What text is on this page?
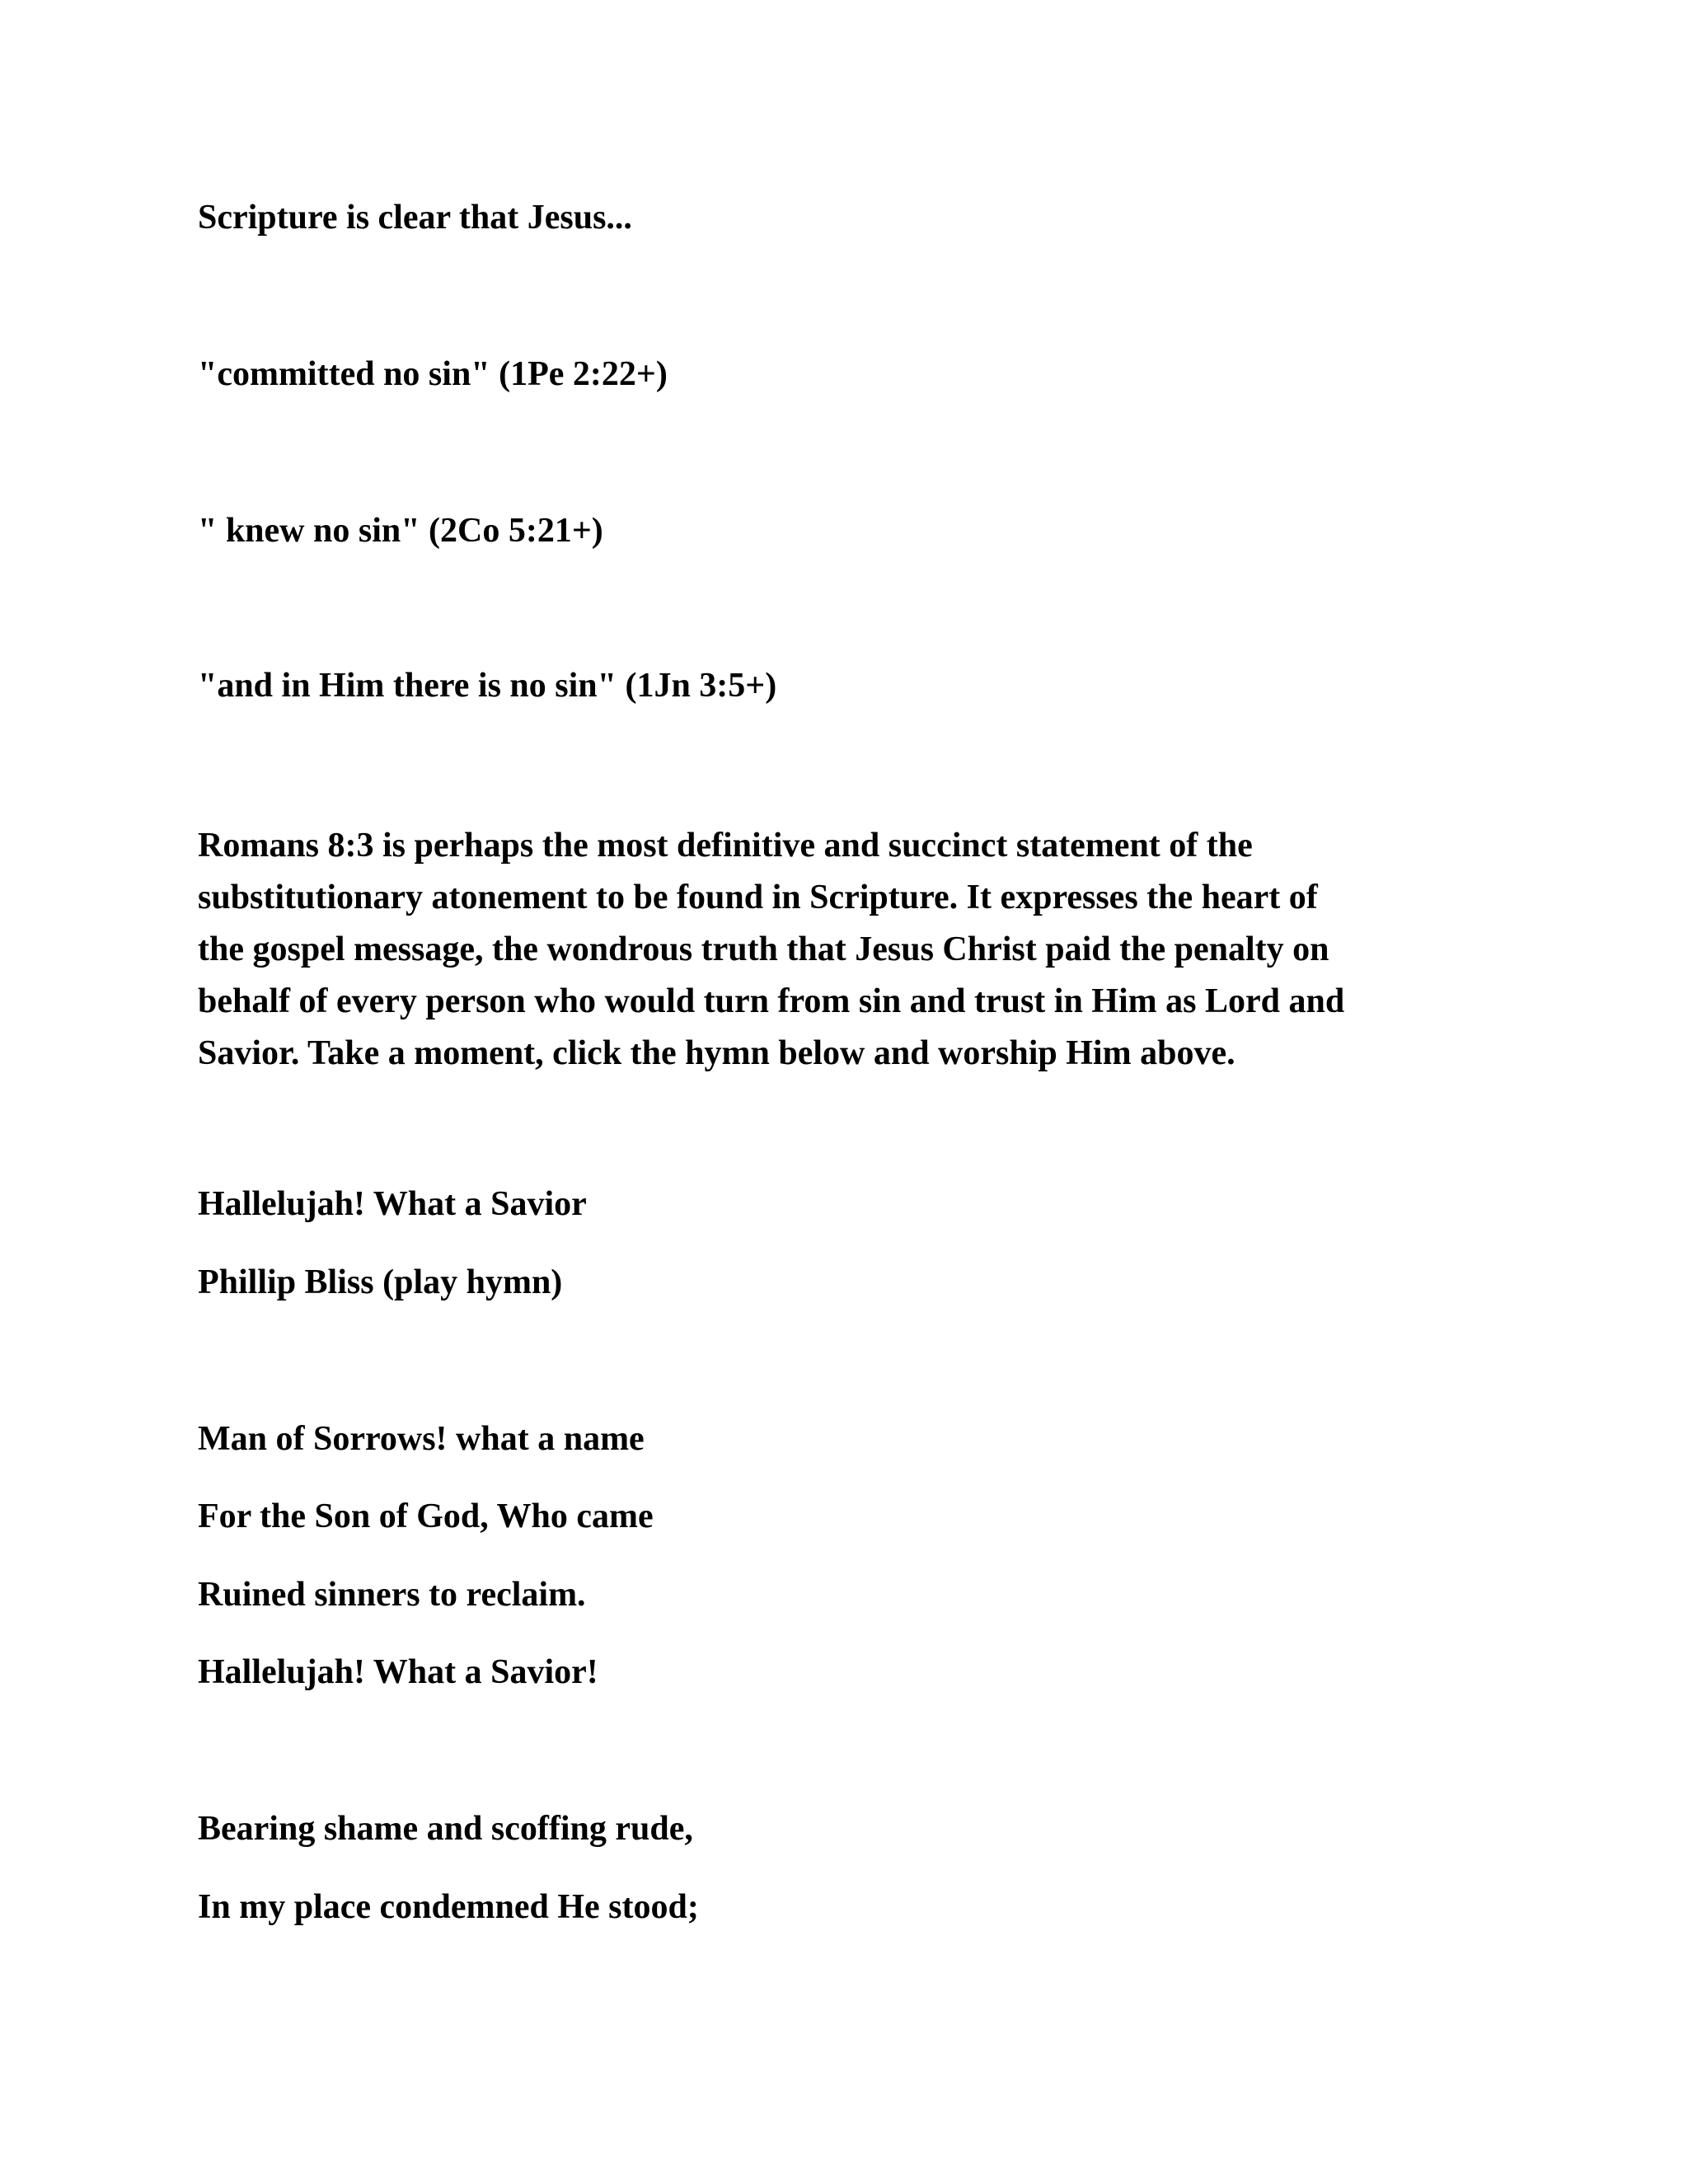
Scripture is clear that Jesus...
"committed no sin" (1Pe 2:22+)
" knew no sin" (2Co 5:21+)
"and in Him there is no sin" (1Jn 3:5+)
Romans 8:3 is perhaps the most definitive and succinct statement of the
substitutionary atonement to be found in Scripture. It expresses the heart of
the gospel message, the wondrous truth that Jesus Christ paid the penalty on
behalf of every person who would turn from sin and trust in Him as Lord and
Savior. Take a moment, click the hymn below and worship Him above.
Hallelujah! What a Savior
Phillip Bliss (play hymn)
Man of Sorrows! what a name
For the Son of God, Who came
Ruined sinners to reclaim.
Hallelujah! What a Savior!
Bearing shame and scoffing rude,
In my place condemned He stood;
